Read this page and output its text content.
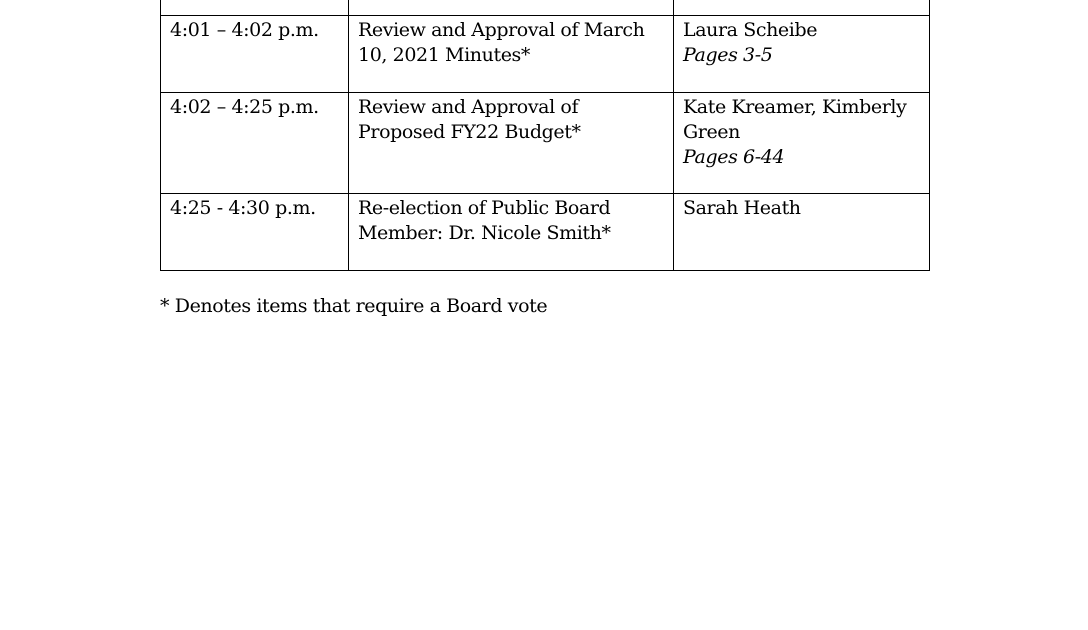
4:01 – 4:02 p.m.	Review and Approval of March 10, 2021 Minutes*	Laura Scheibe
Pages 3-5

4:02 – 4:25 p.m.	Review and Approval of Proposed FY22 Budget*	Kate Kreamer, Kimberly Green
Pages 6-44

4:25 - 4:30 p.m.	Re-election of Public Board Member: Dr. Nicole Smith*	Sarah Heath

* Denotes items that require a Board vote
